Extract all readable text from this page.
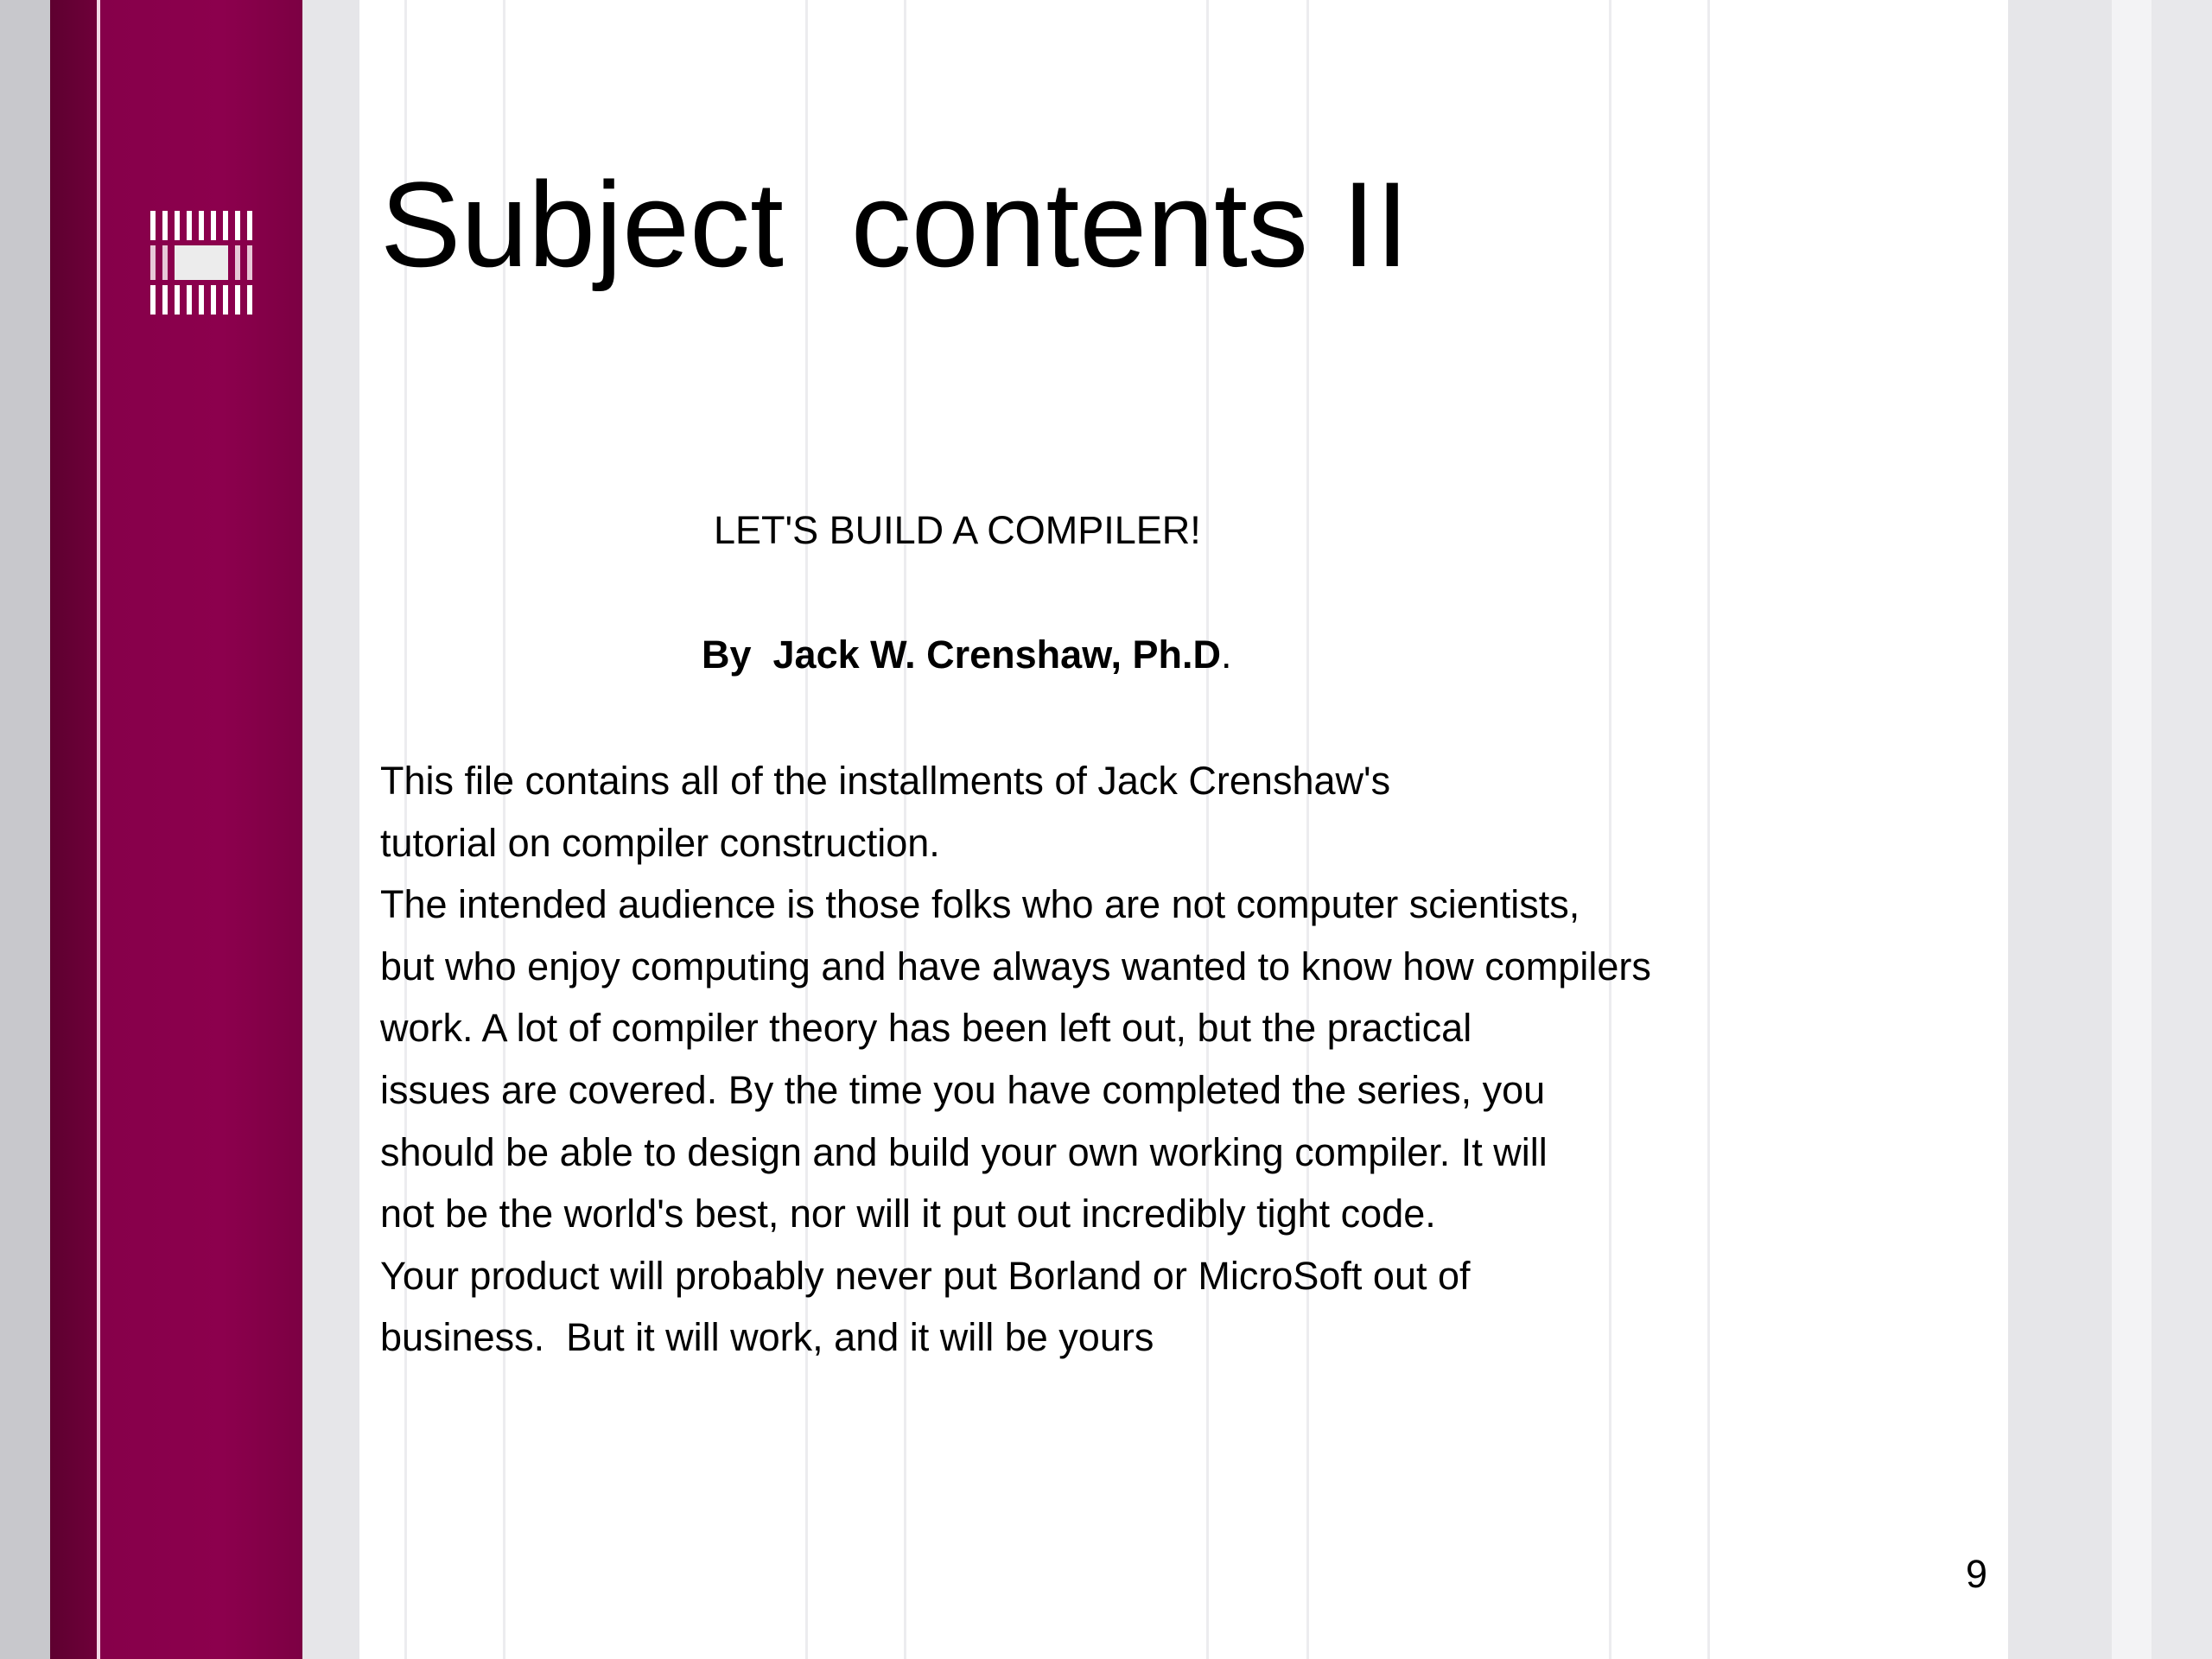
Subject  contents II
LET'S BUILD A COMPILER!
By  Jack W. Crenshaw, Ph.D.
This file contains all of the installments of Jack Crenshaw's
tutorial on compiler construction.
The intended audience is those folks who are not computer scientists,
but who enjoy computing and have always wanted to know how compilers
work. A lot of compiler theory has been left out, but the practical
issues are covered. By the time you have completed the series, you
should be able to design and build your own working compiler. It will
not be the world's best, nor will it put out incredibly tight code.
Your product will probably never put Borland or MicroSoft out of
business.  But it will work, and it will be yours
9
